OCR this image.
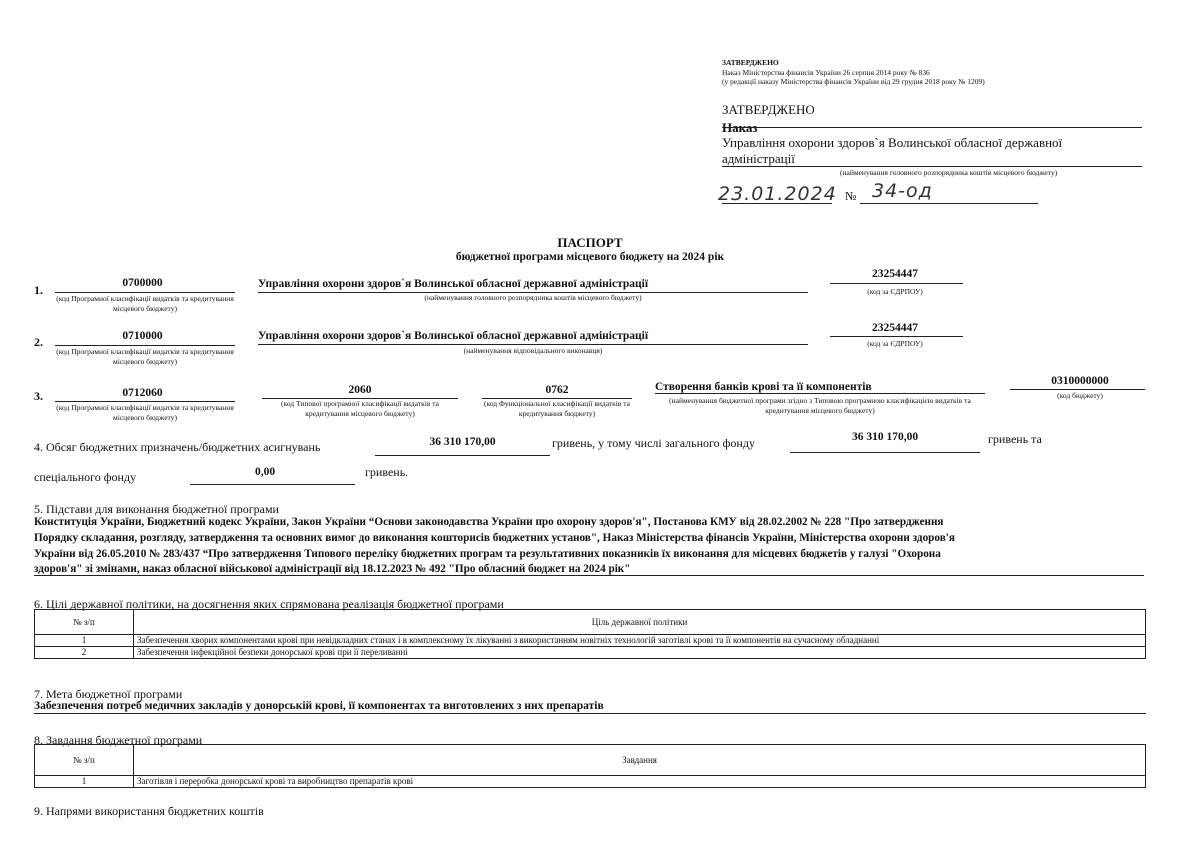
ЗАТВЕРДЖЕНО
Наказ Міністерства фінансів України 26 серпня 2014 року № 836
(у редакції наказу Міністерства фінансів України від 29 грудня 2018 року № 1209)
ЗАТВЕРДЖЕНО
Наказ
Управління охорони здоров`я Волинської обласної державної
адміністрації
(найменування головного розпорядника коштів місцевого бюджету)
23.01.2024 № 34-од
ПАСПОРТ
бюджетної програми місцевого бюджету на 2024 рік
1.	0700000
(код Програмної класифікації видатків та кредитування місцевого бюджету)
Управління охорони здоров`я Волинської обласної державної адміністрації
(найменування головного розпорядника коштів місцевого бюджету)
23254447
(код за ЄДРПОУ)
2.	0710000
(код Програмної класифікації видатків та кредитування місцевого бюджету)
Управління охорони здоров`я Волинської обласної державної адміністрації
(найменування відповідального виконавця)
23254447
(код за ЄДРПОУ)
3.	0712060
(код Програмної класифікації видатків та кредитування місцевого бюджету)
2060
(код Типової програмної класифікації видатків та кредитування місцевого бюджету)
0762
(код Функціональної класифікації видатків та кредитування бюджету)
Створення банків крові та її компонентів
(найменування бюджетної програми згідно з Типовою програмною класифікацією видатків та кредитування місцевого бюджету)
0310000000
(код бюджету)
4. Обсяг бюджетних призначень/бюджетних асигнувань	36 310 170,00	гривень, у тому числі загального фонду	36 310 170,00	гривень та
спеціального фонду	0,00	гривень.
5. Підстави для виконання бюджетної програми
Конституція України, Бюджетний кодекс України, Закон України “Основи законодавства України про охорону здоров'я", Постанова КМУ від 28.02.2002 № 228 "Про затвердження
Порядку складання, розгляду, затвердження та основних вимог до виконання кошторисів бюджетних установ", Наказ Міністерства фінансів України, Міністерства охорони здоров'я
України від 26.05.2010 № 283/437 “Про затвердження Типового переліку бюджетних програм та результативних показників їх виконання для місцевих бюджетів у галузі "Охорона
здоров'я" зі змінами, наказ обласної військової адміністрації від 18.12.2023 № 492 "Про обласний бюджет на 2024 рік"
6. Цілі державної політики, на досягнення яких спрямована реалізація бюджетної програми
№ з/п	Ціль державної політики
1	Забезпечення хворих компонентами крові при невідкладних станах і в комплексному їх лікуванні з використанням новітніх технологій заготівлі крові та її компонентів на сучасному обладнанні
2	Забезпечення інфекційної безпеки донорської крові при її переливанні
7. Мета бюджетної програми
Забезпечення потреб медичних закладів у донорській крові, її компонентах та виготовлених з них препаратів
8. Завдання бюджетної програми
№ з/п	Завдання
1	Заготівля і переробка донорської крові та виробництво препаратів крові
9. Напрями використання бюджетних коштів
